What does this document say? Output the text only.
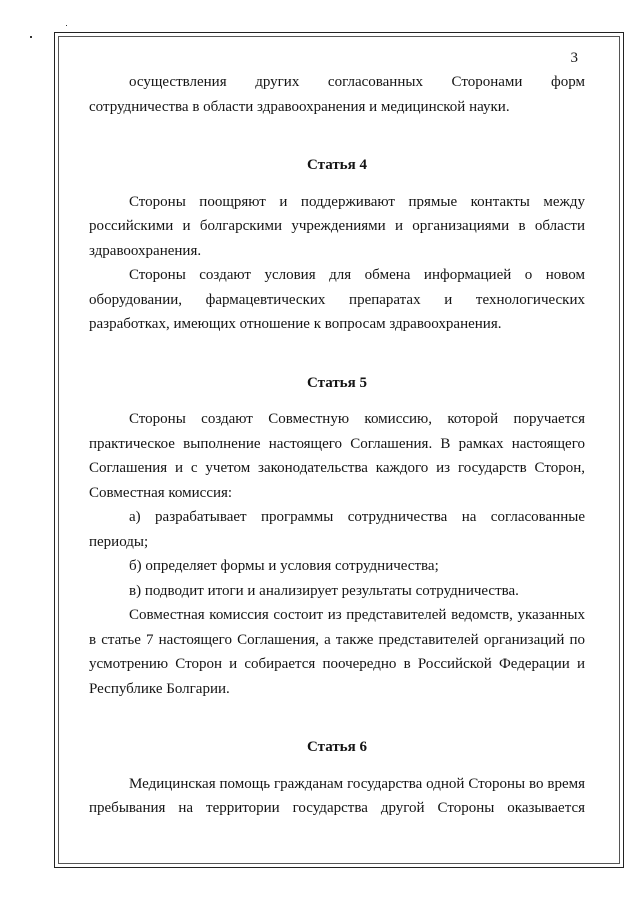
3

осуществления других согласованных Сторонами форм сотрудничества в области здравоохранения и медицинской науки.

Статья 4

Стороны поощряют и поддерживают прямые контакты между российскими и болгарскими учреждениями и организациями в области здравоохранения.

Стороны создают условия для обмена информацией о новом оборудовании, фармацевтических препаратах и технологических разработках, имеющих отношение к вопросам здравоохранения.

Статья 5

Стороны создают Совместную комиссию, которой поручается практическое выполнение настоящего Соглашения. В рамках настоящего Соглашения и с учетом законодательства каждого из государств Сторон, Совместная комиссия:

а) разрабатывает программы сотрудничества на согласованные периоды;

б) определяет формы и условия сотрудничества;

в) подводит итоги и анализирует результаты сотрудничества.

Совместная комиссия состоит из представителей ведомств, указанных в статье 7 настоящего Соглашения, а также представителей организаций по усмотрению Сторон и собирается поочередно в Российской Федерации и Республике Болгарии.

Статья 6

Медицинская помощь гражданам государства одной Стороны во время пребывания на территории государства другой Стороны оказывается
